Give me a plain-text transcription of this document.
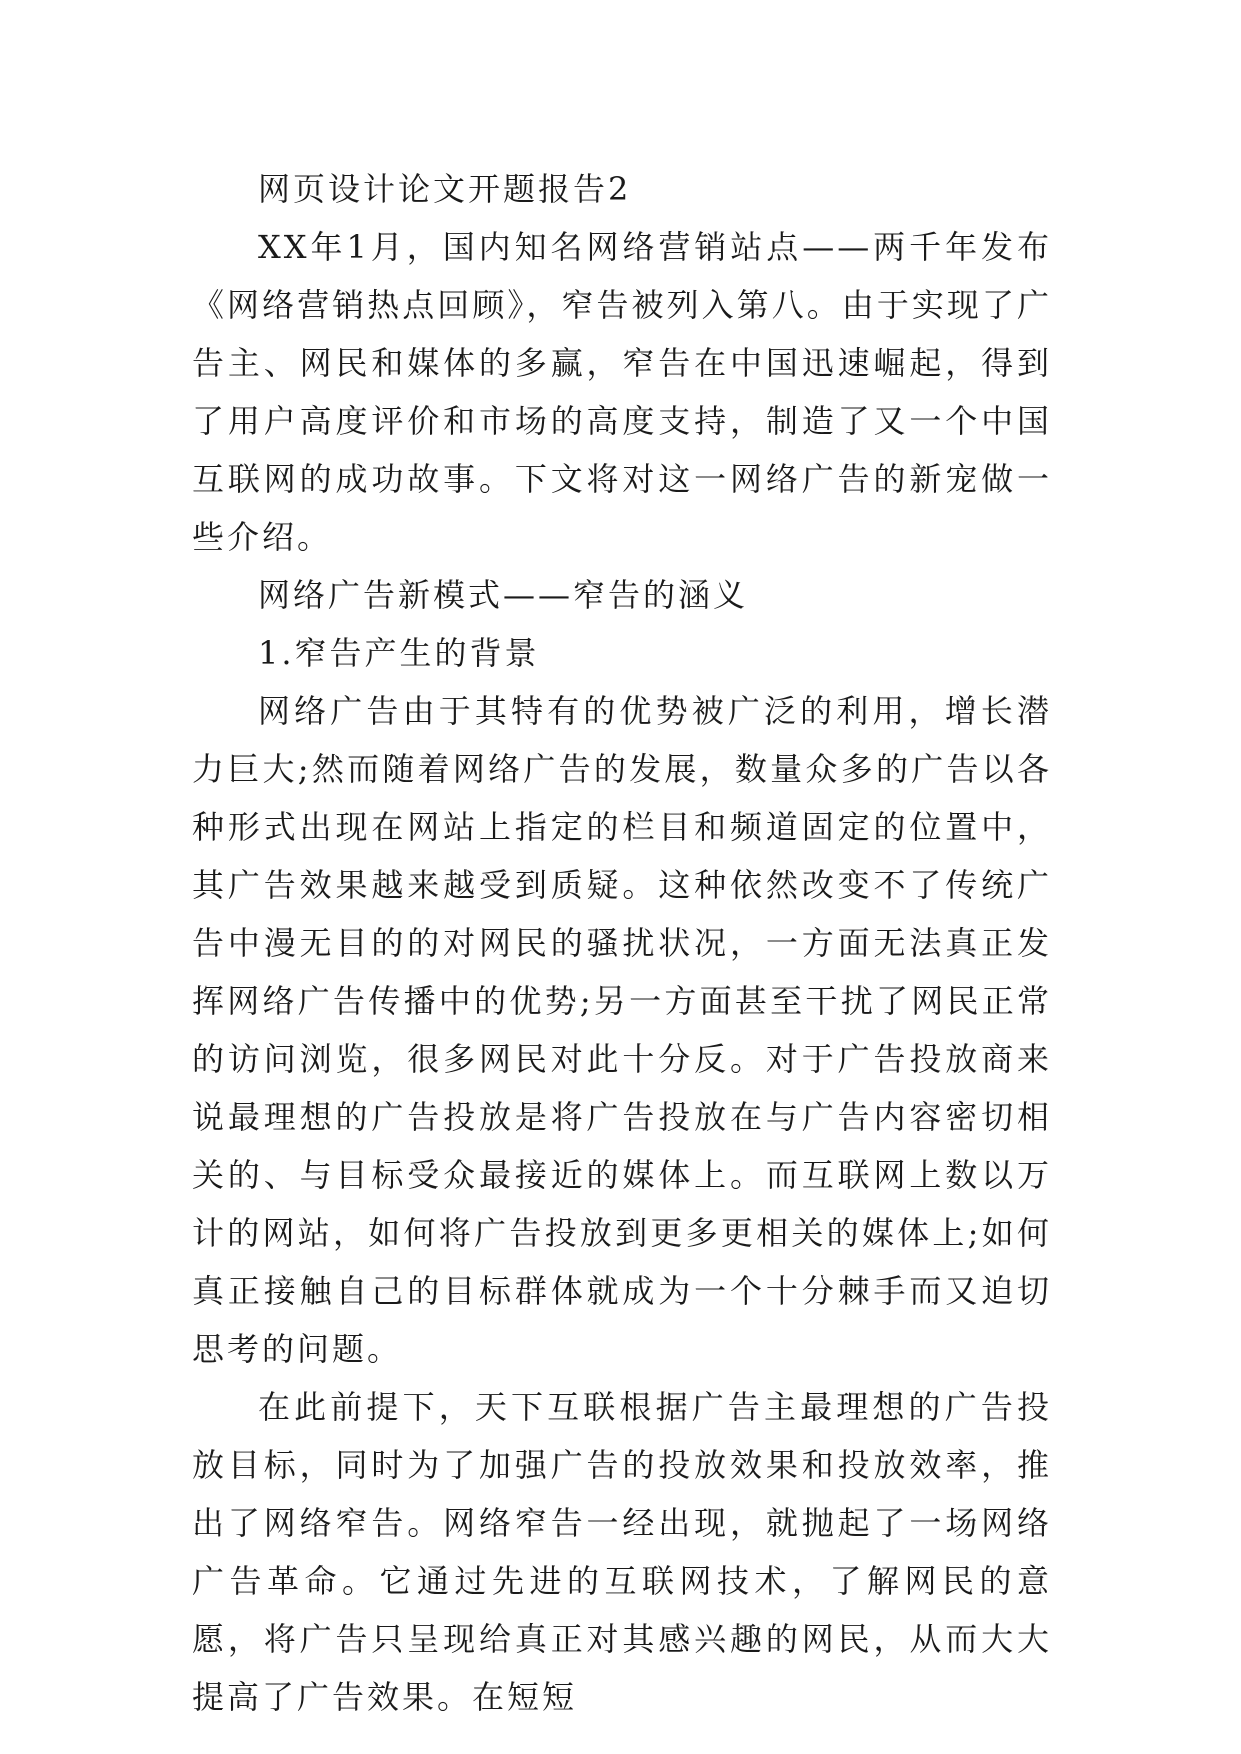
网页设计论文开题报告2

XX年1月，国内知名网络营销站点——两千年发布《网络营销热点回顾》，窄告被列入第八。由于实现了广告主、网民和媒体的多赢，窄告在中国迅速崛起，得到了用户高度评价和市场的高度支持，制造了又一个中国互联网的成功故事。下文将对这一网络广告的新宠做一些介绍。

网络广告新模式——窄告的涵义

1.窄告产生的背景

网络广告由于其特有的优势被广泛的利用，增长潜力巨大;然而随着网络广告的发展，数量众多的广告以各种形式出现在网站上指定的栏目和频道固定的位置中，其广告效果越来越受到质疑。这种依然改变不了传统广告中漫无目的的对网民的骚扰状况，一方面无法真正发挥网络广告传播中的优势;另一方面甚至干扰了网民正常的访问浏览，很多网民对此十分反。对于广告投放商来说最理想的广告投放是将广告投放在与广告内容密切相关的、与目标受众最接近的媒体上。而互联网上数以万计的网站，如何将广告投放到更多更相关的媒体上;如何真正接触自己的目标群体就成为一个十分棘手而又迫切思考的问题。

在此前提下，天下互联根据广告主最理想的广告投放目标，同时为了加强广告的投放效果和投放效率，推出了网络窄告。网络窄告一经出现，就抛起了一场网络广告革命。它通过先进的互联网技术，了解网民的意愿，将广告只呈现给真正对其感兴趣的网民，从而大大提高了广告效果。在短短
